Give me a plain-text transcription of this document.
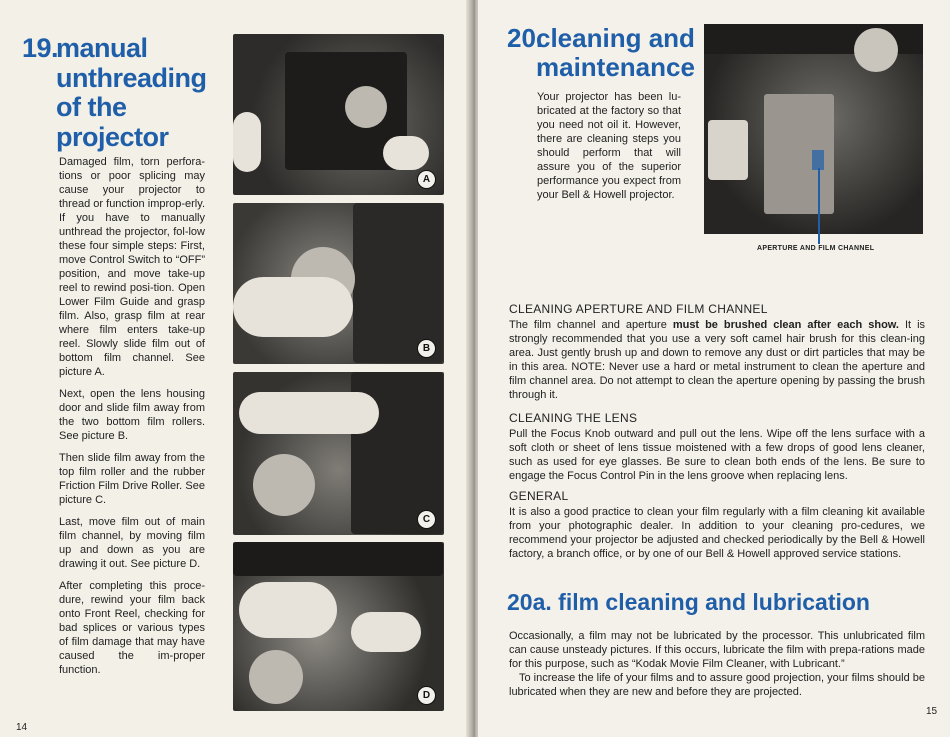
19.manual
unthreading
of the
projector

Damaged film, torn perfora-tions or poor splicing may cause your projector to thread or function improp-erly. If you have to manually unthread the projector, fol-low these four simple steps: First, move Control Switch to “OFF” position, and move take-up reel to rewind posi-tion. Open Lower Film Guide and grasp film. Also, grasp film at rear where film enters take-up reel. Slowly slide film out of bottom film channel. See picture A.

Next, open the lens housing door and slide film away from the two bottom film rollers. See picture B.

Then slide film away from the top film roller and the rubber Friction Film Drive Roller. See picture C.

Last, move film out of main film channel, by moving film up and down as you are drawing it out. See picture D.

After completing this proce-dure, rewind your film back onto Front Reel, checking for bad splices or various types of film damage that may have caused the im-proper function.

A
B
C
D
14
20.cleaning and
maintenance
Your projector has been lu-bricated at the factory so that you need not oil it. However, there are cleaning steps you should perform that will assure you of the superior performance you expect from your Bell & Howell projector.
APERTURE AND FILM CHANNEL
CLEANING APERTURE AND FILM CHANNEL

The film channel and aperture must be brushed clean after each show. It is strongly recommended that you use a very soft camel hair brush for this clean-ing area. Just gently brush up and down to remove any dust or dirt particles that may be in this area. NOTE: Never use a hard or metal instrument to clean the aperture and film channel area. Do not attempt to clean the aperture opening by passing the brush through it.

CLEANING THE LENS

Pull the Focus Knob outward and pull out the lens. Wipe off the lens surface with a soft cloth or sheet of lens tissue moistened with a few drops of good lens cleaner, such as used for eye glasses. Be sure to clean both ends of the lens. Be sure to engage the Focus Control Pin in the lens groove when replacing lens.

GENERAL

It is also a good practice to clean your film regularly with a film cleaning kit available from your photographic dealer. In addition to your cleaning pro-cedures, we recommend your projector be adjusted and checked periodically by the Bell & Howell factory, a branch office, or by one of our Bell & Howell approved service stations.

20a. film cleaning and lubrication

Occasionally, a film may not be lubricated by the processor. This unlubricated film can cause unsteady pictures. If this occurs, lubricate the film with prepa-rations made for this purpose, such as “Kodak Movie Film Cleaner, with Lubricant.”

To increase the life of your films and to assure good projection, your films should be lubricated when they are new and before they are projected.

15
